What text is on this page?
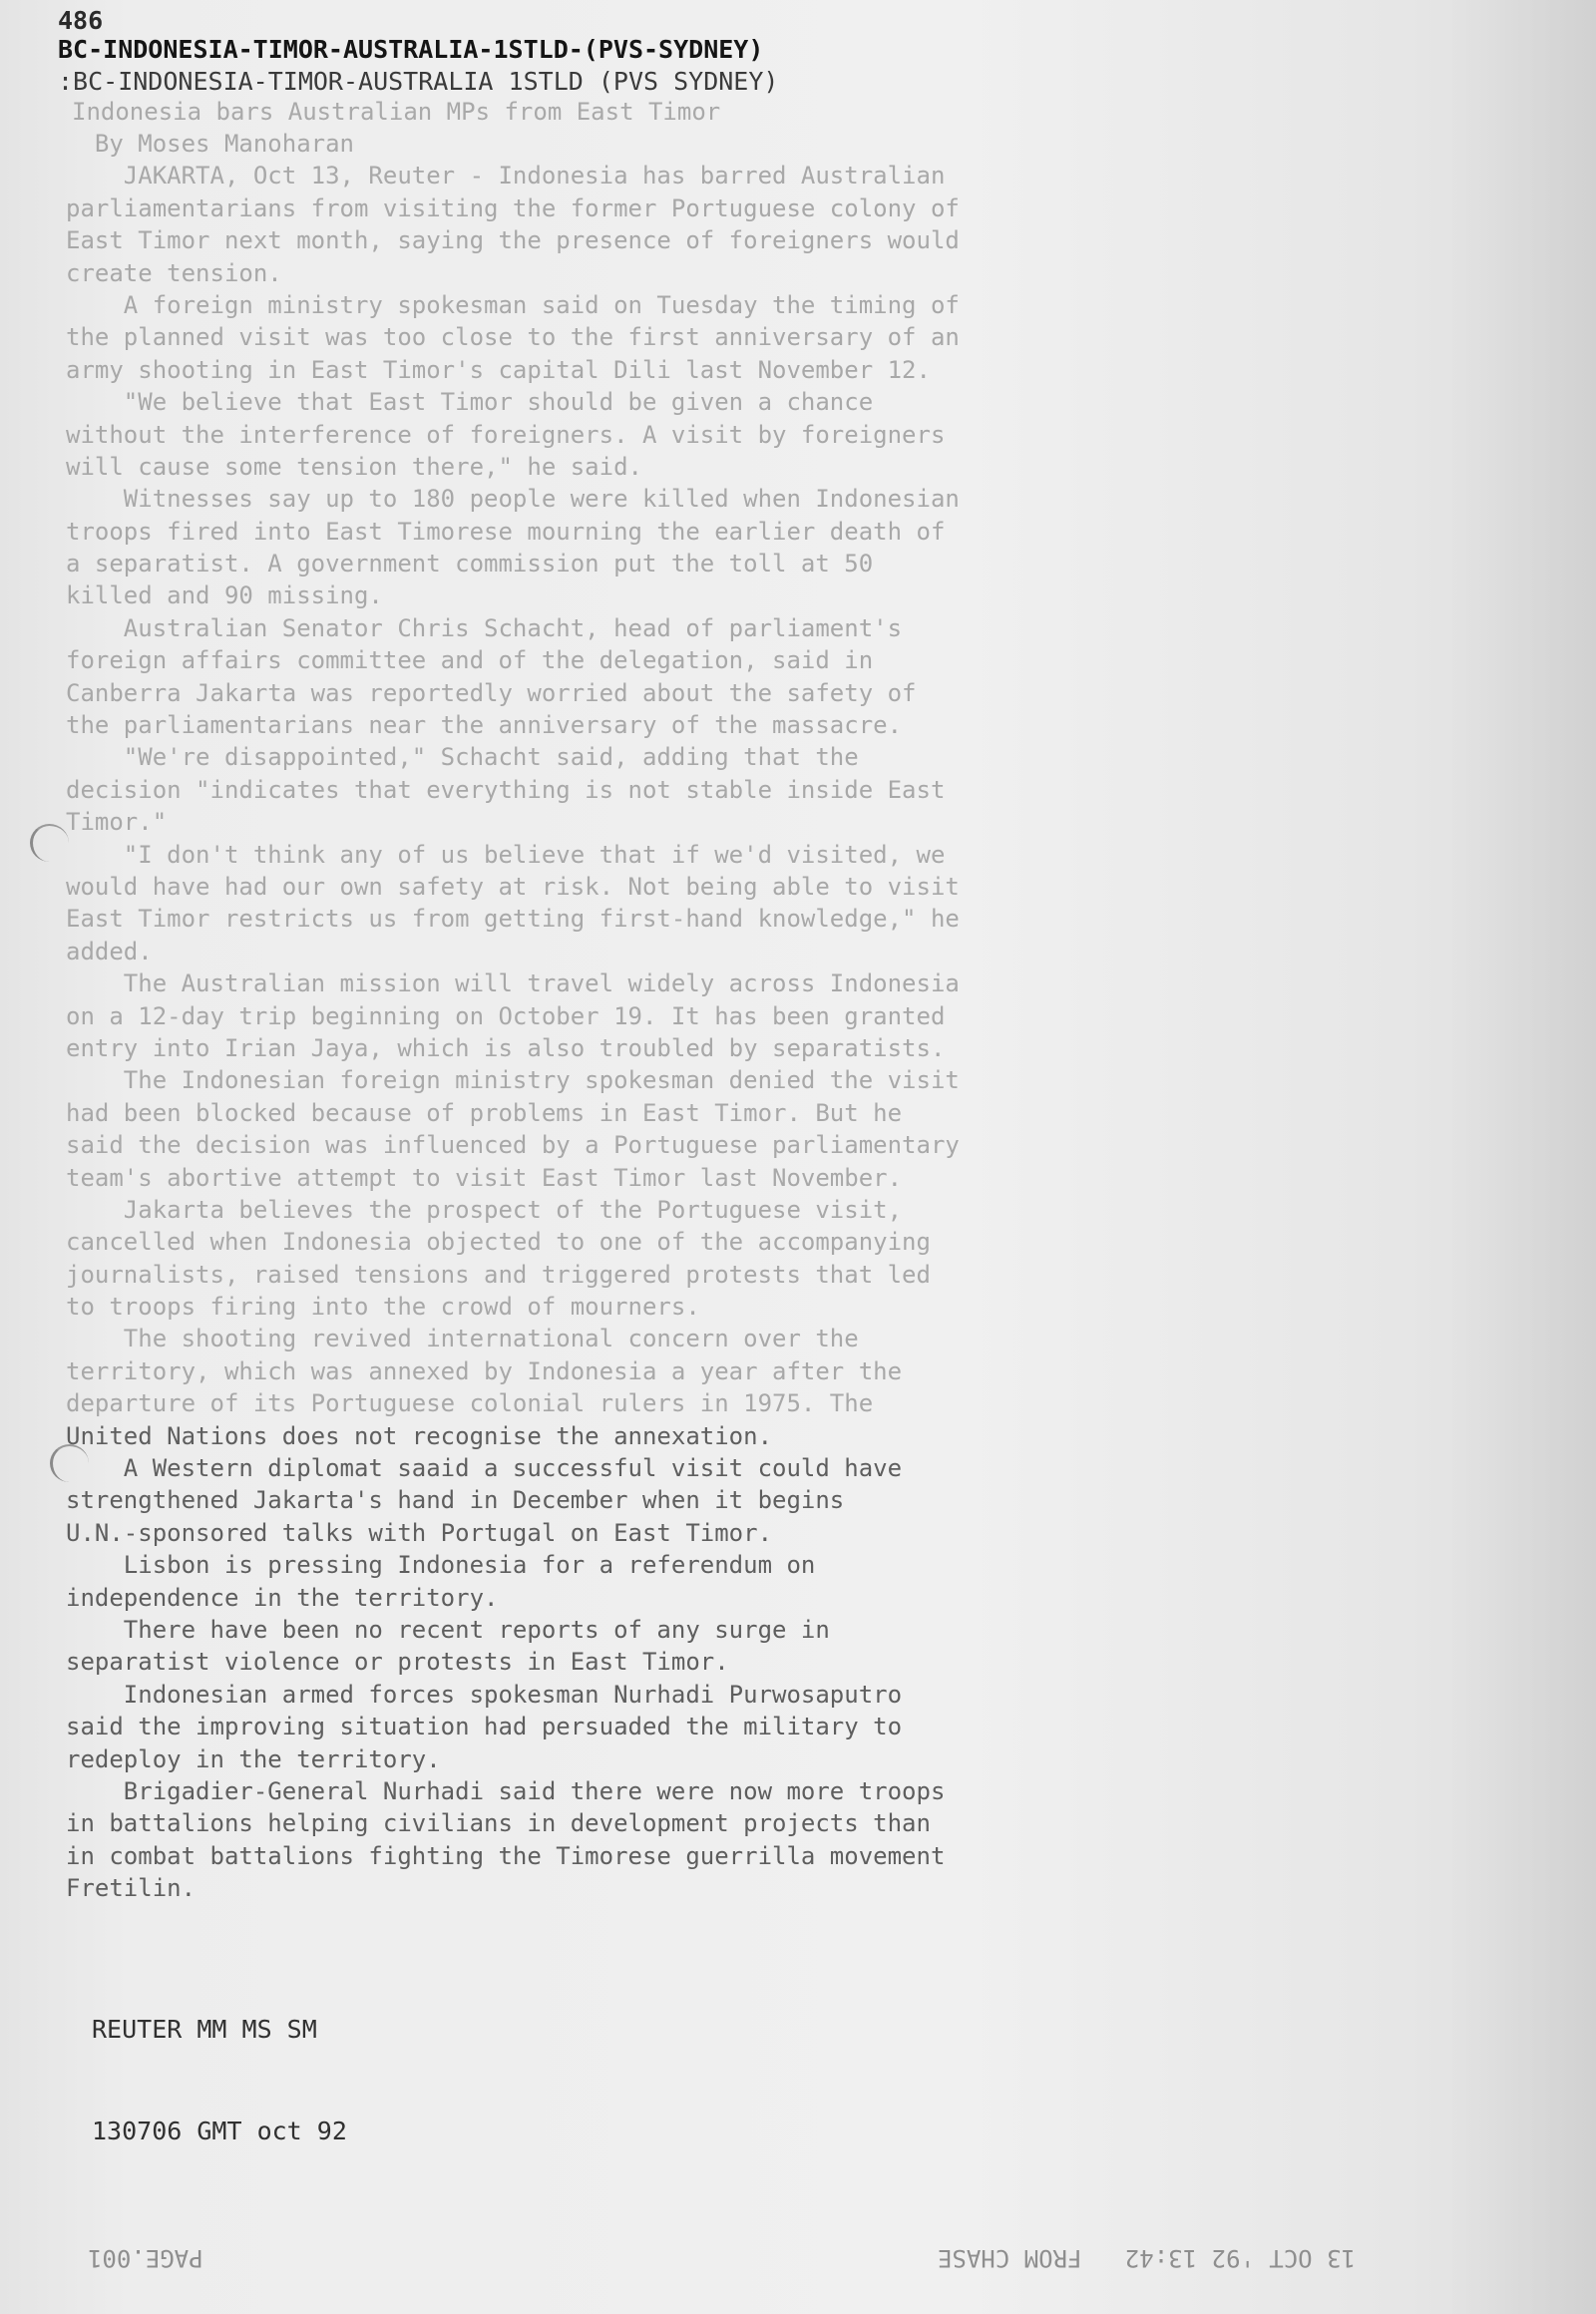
486
BC-INDONESIA-TIMOR-AUSTRALIA-1STLD-(PVS-SYDNEY)
:BC-INDONESIA-TIMOR-AUSTRALIA 1STLD (PVS SYDNEY)
Indonesia bars Australian MPs from East Timor
By Moses Manoharan
JAKARTA, Oct 13, Reuter - Indonesia has barred Australian
parliamentarians from visiting the former Portuguese colony of
East Timor next month, saying the presence of foreigners would
create tension.
A foreign ministry spokesman said on Tuesday the timing of
the planned visit was too close to the first anniversary of an
army shooting in East Timor's capital Dili last November 12.
"We believe that East Timor should be given a chance
without the interference of foreigners. A visit by foreigners
will cause some tension there," he said.
Witnesses say up to 180 people were killed when Indonesian
troops fired into East Timorese mourning the earlier death of
a separatist. A government commission put the toll at 50
killed and 90 missing.
Australian Senator Chris Schacht, head of parliament's
foreign affairs committee and of the delegation, said in
Canberra Jakarta was reportedly worried about the safety of
the parliamentarians near the anniversary of the massacre.
"We're disappointed," Schacht said, adding that the
decision "indicates that everything is not stable inside East
Timor."
"I don't think any of us believe that if we'd visited, we
would have had our own safety at risk. Not being able to visit
East Timor restricts us from getting first-hand knowledge," he
added.
The Australian mission will travel widely across Indonesia
on a 12-day trip beginning on October 19. It has been granted
entry into Irian Jaya, which is also troubled by separatists.
The Indonesian foreign ministry spokesman denied the visit
had been blocked because of problems in East Timor. But he
said the decision was influenced by a Portuguese parliamentary
team's abortive attempt to visit East Timor last November.
Jakarta believes the prospect of the Portuguese visit,
cancelled when Indonesia objected to one of the accompanying
journalists, raised tensions and triggered protests that led
to troops firing into the crowd of mourners.
The shooting revived international concern over the
territory, which was annexed by Indonesia a year after the
departure of its Portuguese colonial rulers in 1975. The
United Nations does not recognise the annexation.
A Western diplomat saaid a successful visit could have
strengthened Jakarta's hand in December when it begins
U.N.-sponsored talks with Portugal on East Timor.
Lisbon is pressing Indonesia for a referendum on
independence in the territory.
There have been no recent reports of any surge in
separatist violence or protests in East Timor.
Indonesian armed forces spokesman Nurhadi Purwosaputro
said the improving situation had persuaded the military to
redeploy in the territory.
Brigadier-General Nurhadi said there were now more troops
in battalions helping civilians in development projects than
in combat battalions fighting the Timorese guerrilla movement
Fretilin.

REUTER MM MS SM

130706 GMT oct 92

PAGE.001	13 OCT '92 13:42   FROM CHASE
